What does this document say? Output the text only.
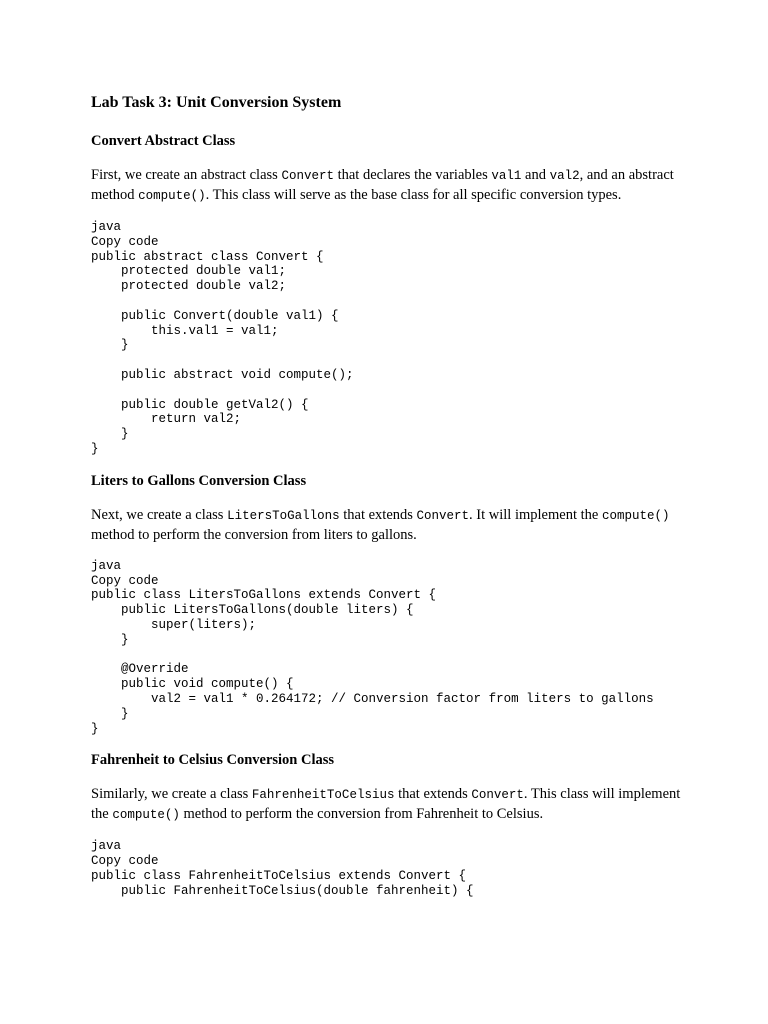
Lab Task 3: Unit Conversion System
Convert Abstract Class

First, we create an abstract class Convert that declares the variables val1 and val2, and an abstract method compute(). This class will serve as the base class for all specific conversion types.

java
Copy code
public abstract class Convert {
protected double val1;
protected double val2;

public Convert(double val1) {
this.val1 = val1;
}

public abstract void compute();

public double getVal2() {
return val2;
}
}
Liters to Gallons Conversion Class

Next, we create a class LitersToGallons that extends Convert. It will implement the compute() method to perform the conversion from liters to gallons.

java
Copy code
public class LitersToGallons extends Convert {
public LitersToGallons(double liters) {
super(liters);
}

@Override
public void compute() {
val2 = val1 * 0.264172; // Conversion factor from liters to gallons
}
}
Fahrenheit to Celsius Conversion Class

Similarly, we create a class FahrenheitToCelsius that extends Convert. This class will implement the compute() method to perform the conversion from Fahrenheit to Celsius.

java
Copy code
public class FahrenheitToCelsius extends Convert {
public FahrenheitToCelsius(double fahrenheit) {
